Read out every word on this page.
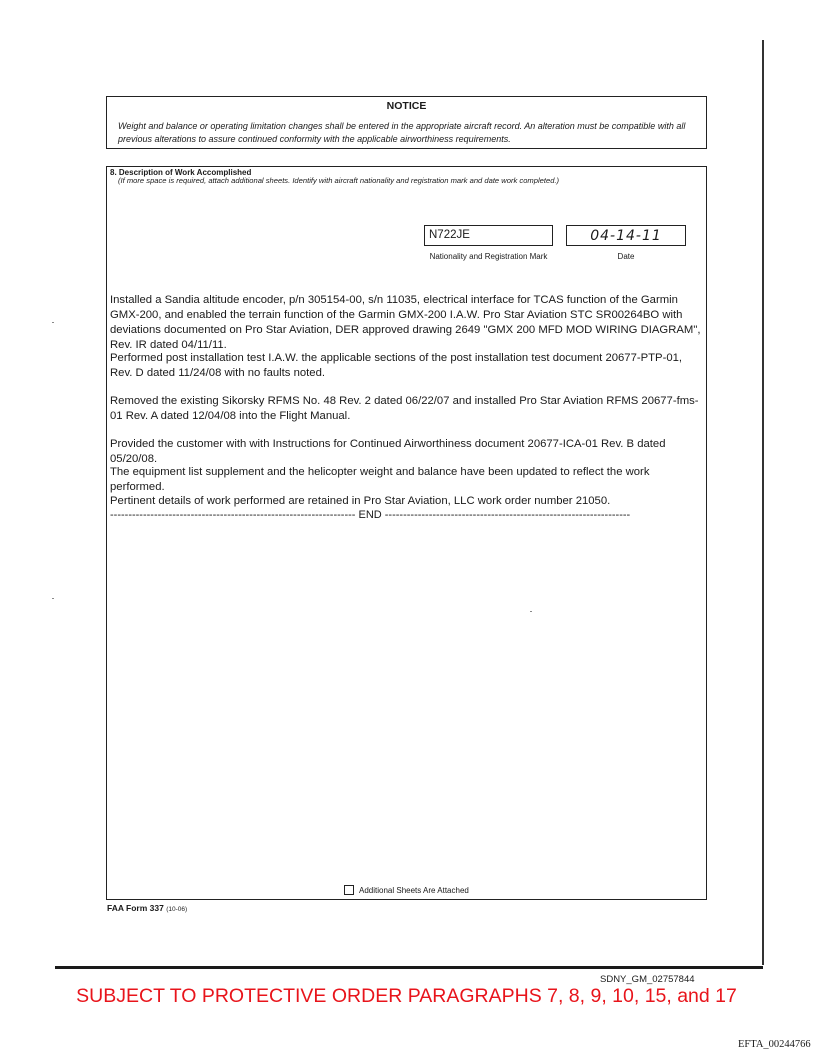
NOTICE
Weight and balance or operating limitation changes shall be entered in the appropriate aircraft record. An alteration must be compatible with all previous alterations to assure continued conformity with the applicable airworthiness requirements.
8. Description of Work Accomplished
(If more space is required, attach additional sheets. Identify with aircraft nationality and registration mark and date work completed.)
N722JE	04-14-11
Nationality and Registration Mark	Date
Installed a Sandia altitude encoder, p/n 305154-00, s/n 11035, electrical interface for TCAS function of the Garmin GMX-200, and enabled the terrain function of the Garmin GMX-200 I.A.W. Pro Star Aviation STC SR00264BO with deviations documented on Pro Star Aviation, DER approved drawing 2649 "GMX 200 MFD MOD WIRING DIAGRAM", Rev. IR dated 04/11/11.
Performed post installation test I.A.W. the applicable sections of the post installation test document 20677-PTP-01, Rev. D dated 11/24/08 with no faults noted.
Removed the existing Sikorsky RFMS No. 48 Rev. 2 dated 06/22/07 and installed Pro Star Aviation RFMS 20677-fms-01 Rev. A dated 12/04/08 into the Flight Manual.
Provided the customer with with Instructions for Continued Airworthiness document 20677-ICA-01 Rev. B dated 05/20/08.
The equipment list supplement and the helicopter weight and balance have been updated to reflect the work performed.
Pertinent details of work performed are retained in Pro Star Aviation, LLC work order number 21050.
------------------------------------------------------------------- END -------------------------------------------------------------------
Additional Sheets Are Attached
FAA Form 337 (10-06)
SDNY_GM_02757844
SUBJECT TO PROTECTIVE ORDER PARAGRAPHS 7, 8, 9, 10, 15, and 17
EFTA_00244766
